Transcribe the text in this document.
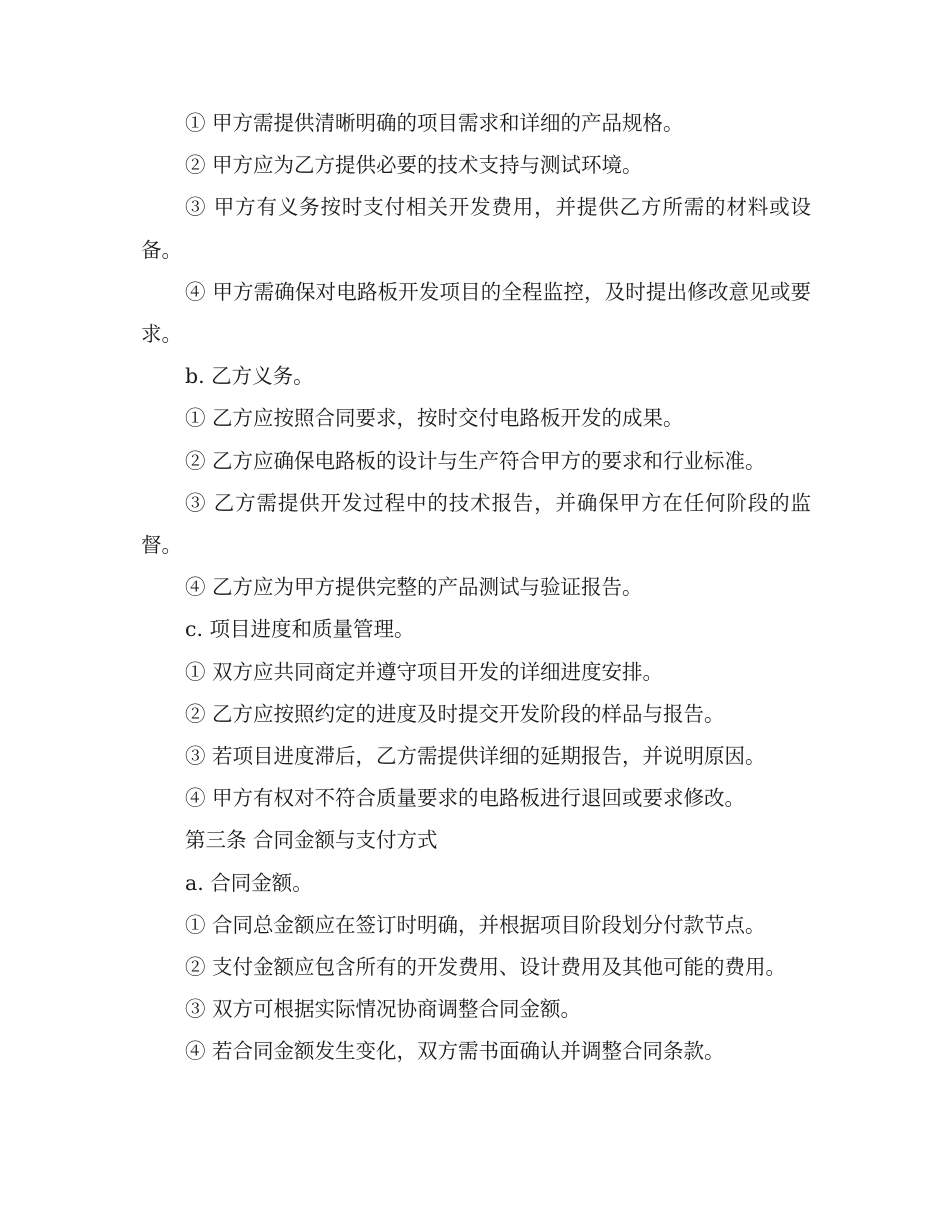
① 甲方需提供清晰明确的项目需求和详细的产品规格。

② 甲方应为乙方提供必要的技术支持与测试环境。

③ 甲方有义务按时支付相关开发费用，并提供乙方所需的材料或设备。

④ 甲方需确保对电路板开发项目的全程监控，及时提出修改意见或要求。

b. 乙方义务。

① 乙方应按照合同要求，按时交付电路板开发的成果。

② 乙方应确保电路板的设计与生产符合甲方的要求和行业标准。

③ 乙方需提供开发过程中的技术报告，并确保甲方在任何阶段的监督。

④ 乙方应为甲方提供完整的产品测试与验证报告。

c. 项目进度和质量管理。

① 双方应共同商定并遵守项目开发的详细进度安排。

② 乙方应按照约定的进度及时提交开发阶段的样品与报告。

③ 若项目进度滞后，乙方需提供详细的延期报告，并说明原因。

④ 甲方有权对不符合质量要求的电路板进行退回或要求修改。

第三条 合同金额与支付方式

a. 合同金额。

① 合同总金额应在签订时明确，并根据项目阶段划分付款节点。

② 支付金额应包含所有的开发费用、设计费用及其他可能的费用。

③ 双方可根据实际情况协商调整合同金额。

④ 若合同金额发生变化，双方需书面确认并调整合同条款。
